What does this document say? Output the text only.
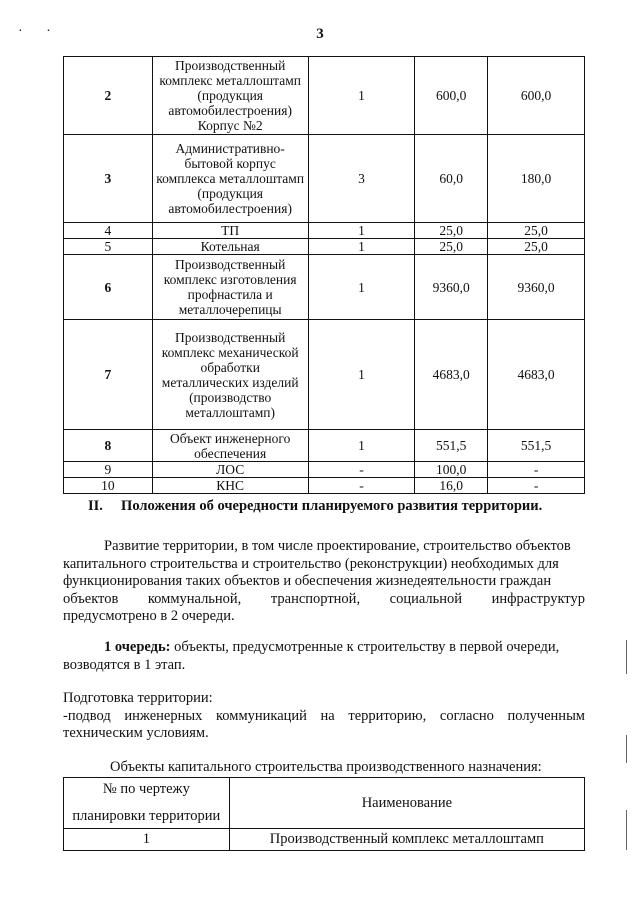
· ·	3
2	Производственный комплекс металлоштамп (продукция автомобилестроения) Корпус №2	1	600,0	600,0
3	Административно-бытовой корпус комплекса металлоштамп (продукция автомобилестроения)	3	60,0	180,0
4	ТП	1	25,0	25,0
5	Котельная	1	25,0	25,0
6	Производственный комплекс изготовления профнастила и металлочерепицы	1	9360,0	9360,0
7	Производственный комплекс механической обработки металлических изделий (производство металлоштамп)	1	4683,0	4683,0
8	Объект инженерного обеспечения	1	551,5	551,5
9	ЛОС	-	100,0	-
10	КНС	-	16,0	-
II.     Положения об очередности планируемого развития территории.
Развитие территории, в том числе проектирование, строительство объектов
капитального строительства и строительство (реконструкции) необходимых для
функционирования таких объектов и обеспечения жизнедеятельности граждан
объектов коммунальной, транспортной, социальной инфраструктур
предусмотрено в 2 очереди.
1 очередь: объекты, предусмотренные к строительству в первой очереди,
возводятся в 1 этап.
Подготовка территории:
-подвод инженерных коммуникаций на территорию, согласно полученным
техническим условиям.
Объекты капитального строительства производственного назначения:
№ по чертежу
планировки территории	Наименование
1	Производственный комплекс металлоштамп
